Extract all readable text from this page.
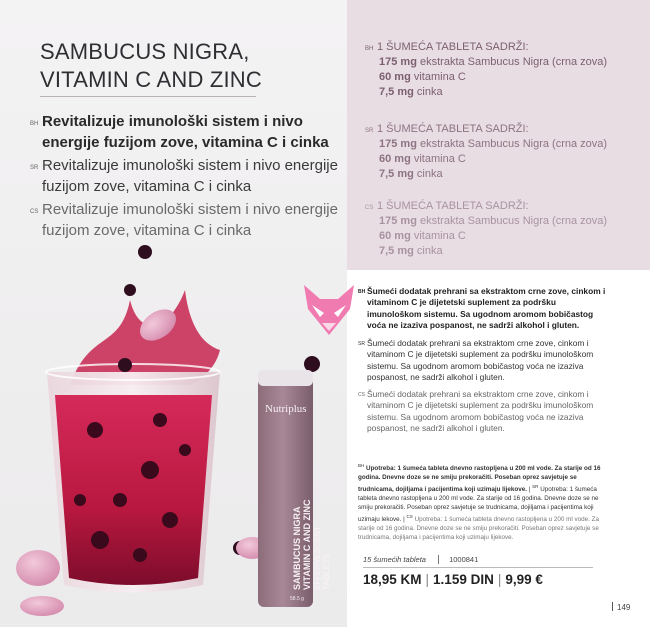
Nutriplus
SAMBUCUS NIGRA VITAMIN C AND ZINC EFFERVESCENT TABLETS
58.5 g
SAMBUCUS NIGRA,
VITAMIN C AND ZINC
BH Revitalizuje imunološki sistem i nivo energije fuzijom zove, vitamina C i cinka
SR Revitalizuje imunološki sistem i nivo energije fuzijom zove, vitamina C i cinka
CS Revitalizuje imunološki sistem i nivo energije fuzijom zove, vitamina C i cinka
BH 1 ŠUMEĆA TABLETA SADRŽI:
175 mg ekstrakta Sambucus Nigra (crna zova)
60 mg vitamina C
7,5 mg cinka
SR 1 ŠUMEĆA TABLETA SADRŽI:
175 mg ekstrakta Sambucus Nigra (crna zova)
60 mg vitamina C
7,5 mg cinka
CS 1 ŠUMEĆA TABLETA SADRŽI:
175 mg ekstrakta Sambucus Nigra (crna zova)
60 mg vitamina C
7,5 mg cinka
BH Šumeći dodatak prehrani sa ekstraktom crne zove, cinkom i vitaminom C je dijetetski suplement za podršku imunološkom sistemu. Sa ugodnom aromom bobičastog voća ne izaziva pospanost, ne sadrži alkohol i gluten.
SR Šumeći dodatak prehrani sa ekstraktom crne zove, cinkom i vitaminom C je dijetetski suplement za podršku imunološkom sistemu. Sa ugodnom aromom bobičastog voća ne izaziva pospanost, ne sadrži alkohol i gluten.
CS Šumeći dodatak prehrani sa ekstraktom crne zove, cinkom i vitaminom C je dijetetski suplement za podršku imunološkom sistemu. Sa ugodnom aromom bobičastog voća ne izaziva pospanost, ne sadrži alkohol i gluten.
$^{BH}$ Upotreba: 1 šumeća tableta dnevno rastopljena u 200 ml vode. Za starije od 16 godina. Dnevne doze se ne smiju prekoračiti. Poseban oprez savjetuje se trudnicama, dojiljama i pacijentima koji uzimaju lijekove. | $^{SR}$ Upotreba: 1 šumeća tableta dnevno rastopljena u 200 ml vode. Za starije od 16 godina. Dnevne doze se ne smiju prekoračiti. Poseban oprez savjetuje se trudnicama, dojiljama i pacijentima koji uzimaju lekove. | $^{CS}$ Upotreba: 1 šumeća tableta dnevno rastopljena u 200 ml vode. Za starije od 16 godina. Dnevne doze se ne smiju prekoračiti. Poseban oprez savjetuje se trudnicama, dojiljama i pacijentima koji uzimaju lijekove.
15 šumećih tableta	1000841
18,95 KM | 1.159 DIN | 9,99 €
149
